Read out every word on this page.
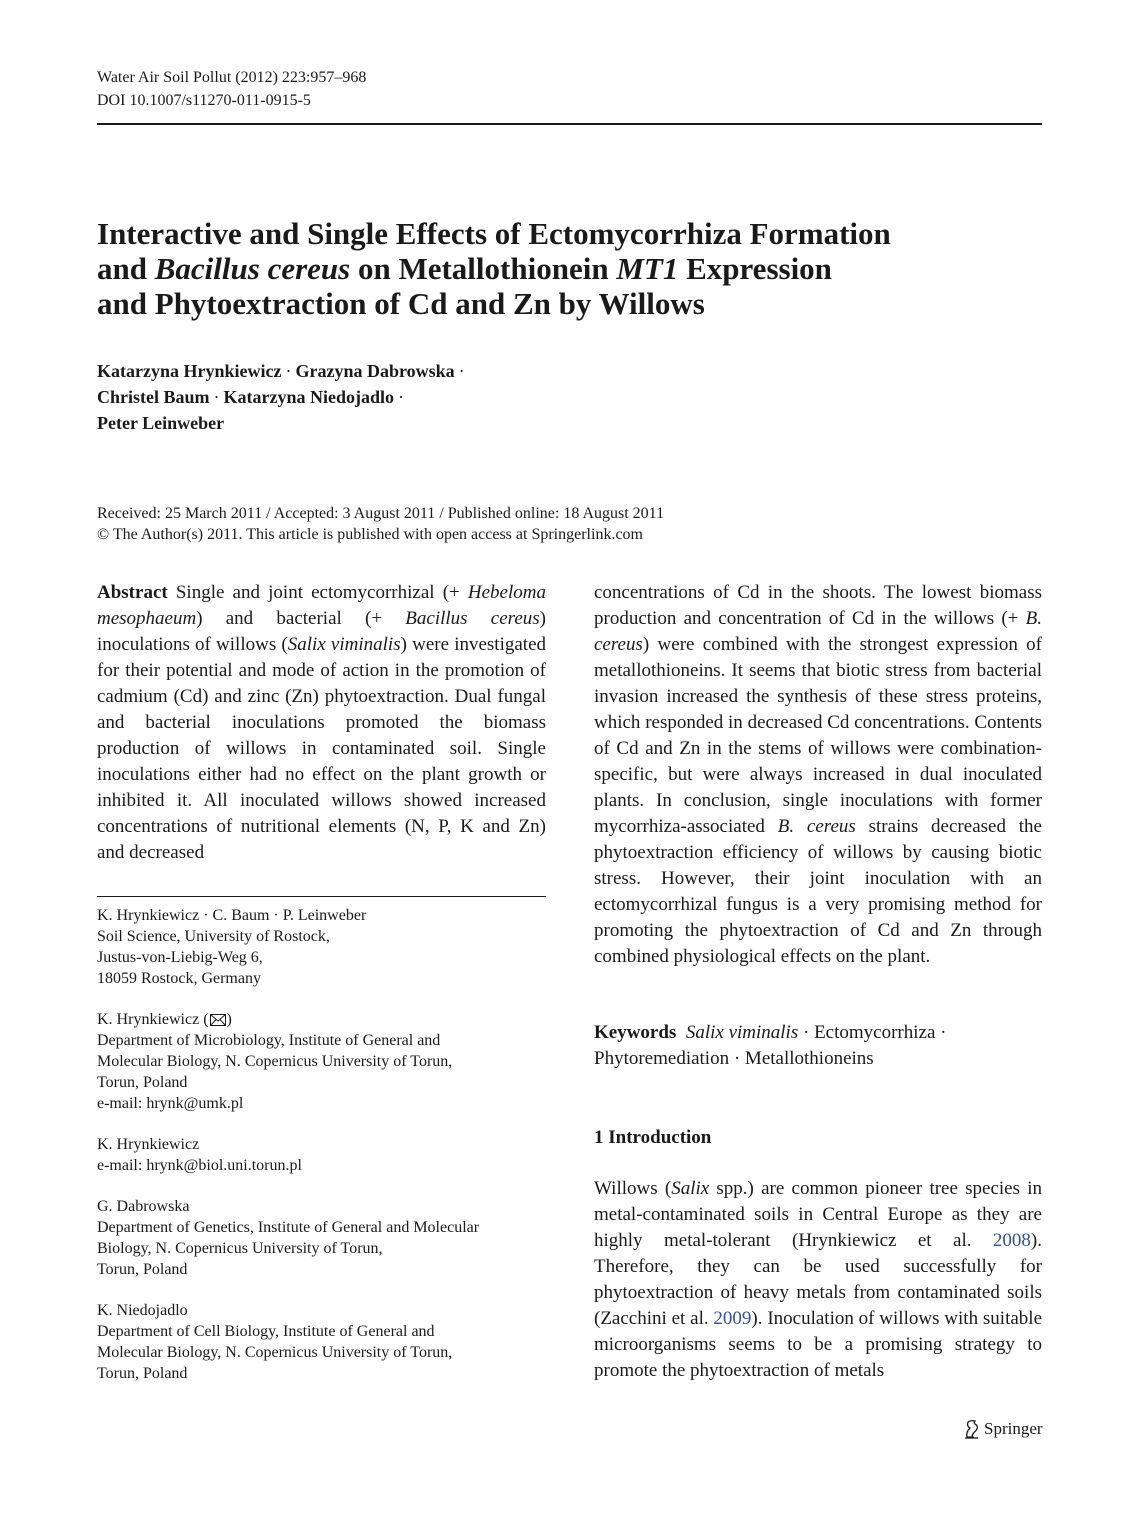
Water Air Soil Pollut (2012) 223:957–968
DOI 10.1007/s11270-011-0915-5
Interactive and Single Effects of Ectomycorrhiza Formation
and Bacillus cereus on Metallothionein MT1 Expression
and Phytoextraction of Cd and Zn by Willows
Katarzyna Hrynkiewicz · Grazyna Dabrowska ·
Christel Baum · Katarzyna Niedojadlo ·
Peter Leinweber
Received: 25 March 2011 / Accepted: 3 August 2011 / Published online: 18 August 2011
© The Author(s) 2011. This article is published with open access at Springerlink.com

Abstract Single and joint ectomycorrhizal (+ Hebeloma mesophaeum) and bacterial (+ Bacillus cereus) inoculations of willows (Salix viminalis) were investigated for their potential and mode of action in the promotion of cadmium (Cd) and zinc (Zn) phytoextraction. Dual fungal and bacterial inoculations promoted the biomass production of willows in contaminated soil. Single inoculations either had no effect on the plant growth or inhibited it. All inoculated willows showed increased concentrations of nutritional elements (N, P, K and Zn) and decreased

concentrations of Cd in the shoots. The lowest biomass production and concentration of Cd in the willows (+ B. cereus) were combined with the strongest expression of metallothioneins. It seems that biotic stress from bacterial invasion increased the synthesis of these stress proteins, which responded in decreased Cd concentrations. Contents of Cd and Zn in the stems of willows were combination-specific, but were always increased in dual inoculated plants. In conclusion, single inoculations with former mycorrhiza-associated B. cereus strains decreased the phytoextraction efficiency of willows by causing biotic stress. However, their joint inoculation with an ectomycorrhizal fungus is a very promising method for promoting the phytoextraction of Cd and Zn through combined physiological effects on the plant.

K. Hrynkiewicz · C. Baum · P. Leinweber
Soil Science, University of Rostock,
Justus-von-Liebig-Weg 6,
18059 Rostock, Germany
K. Hrynkiewicz ( )
Department of Microbiology, Institute of General and
Molecular Biology, N. Copernicus University of Torun,
Torun, Poland
e-mail: hrynk@umk.pl
K. Hrynkiewicz
e-mail: hrynk@biol.uni.torun.pl
G. Dabrowska
Department of Genetics, Institute of General and Molecular
Biology, N. Copernicus University of Torun,
Torun, Poland
K. Niedojadlo
Department of Cell Biology, Institute of General and
Molecular Biology, N. Copernicus University of Torun,
Torun, Poland
Keywords Salix viminalis · Ectomycorrhiza ·
Phytoremediation · Metallothioneins
1 Introduction

Willows (Salix spp.) are common pioneer tree species in metal-contaminated soils in Central Europe as they are highly metal-tolerant (Hrynkiewicz et al. 2008). Therefore, they can be used successfully for phytoextraction of heavy metals from contaminated soils (Zacchini et al. 2009). Inoculation of willows with suitable microorganisms seems to be a promising strategy to promote the phytoextraction of metals

Springer
